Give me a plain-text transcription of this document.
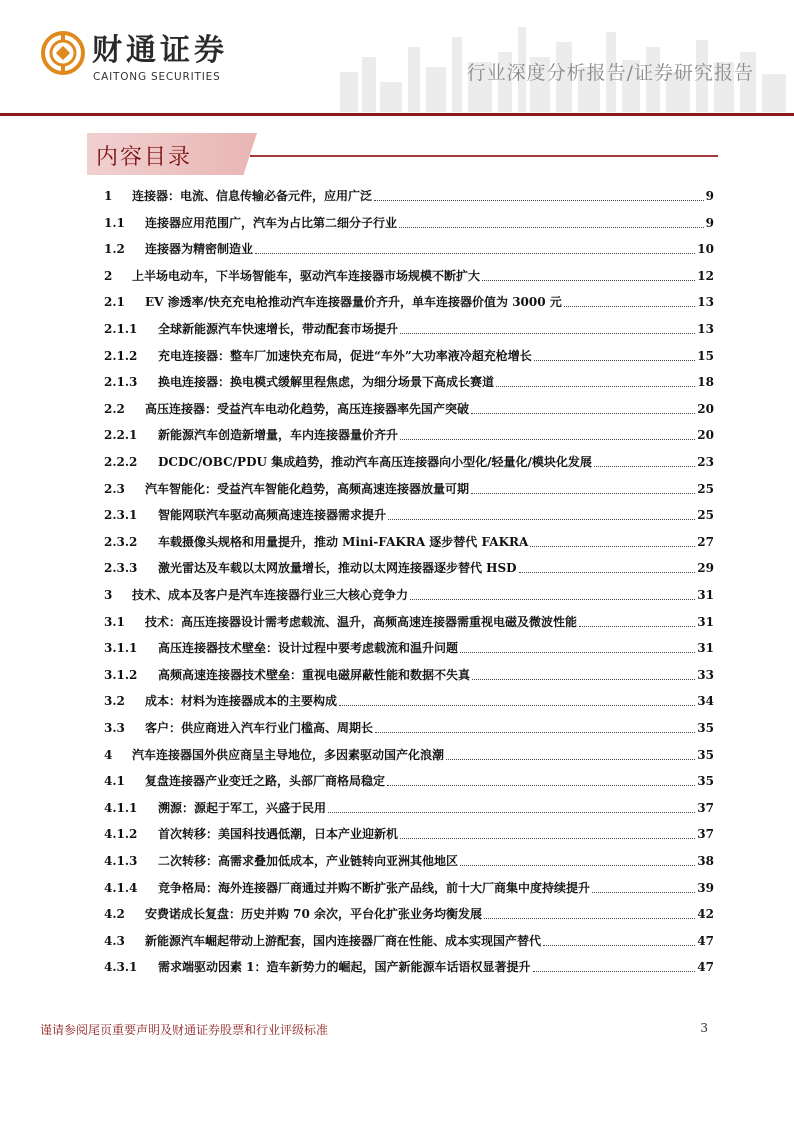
财通证券
CAITONG SECURITIES	行业深度分析报告/证券研究报告
内容目录
1 连接器：电流、信息传输必备元件，应用广泛	9
1.1 连接器应用范围广，汽车为占比第二细分子行业	9
1.2 连接器为精密制造业	10
2 上半场电动车，下半场智能车，驱动汽车连接器市场规模不断扩大	12
2.1 EV 渗透率/快充充电枪推动汽车连接器量价齐升，单车连接器价值为 3000 元	13
2.1.1 全球新能源汽车快速增长，带动配套市场提升	13
2.1.2 充电连接器：整车厂加速快充布局，促进“车外”大功率液冷超充枪增长	15
2.1.3 换电连接器：换电模式缓解里程焦虑，为细分场景下高成长赛道	18
2.2 高压连接器：受益汽车电动化趋势，高压连接器率先国产突破	20
2.2.1 新能源汽车创造新增量，车内连接器量价齐升	20
2.2.2 DCDC/OBC/PDU 集成趋势，推动汽车高压连接器向小型化/轻量化/模块化发展	23
2.3 汽车智能化：受益汽车智能化趋势，高频高速连接器放量可期	25
2.3.1 智能网联汽车驱动高频高速连接器需求提升	25
2.3.2 车载摄像头规格和用量提升，推动 Mini-FAKRA 逐步替代 FAKRA	27
2.3.3 激光雷达及车载以太网放量增长，推动以太网连接器逐步替代 HSD	29
3 技术、成本及客户是汽车连接器行业三大核心竞争力	31
3.1 技术：高压连接器设计需考虑载流、温升，高频高速连接器需重视电磁及微波性能	31
3.1.1 高压连接器技术壁垒：设计过程中要考虑载流和温升问题	31
3.1.2 高频高速连接器技术壁垒：重视电磁屏蔽性能和数据不失真	33
3.2 成本：材料为连接器成本的主要构成	34
3.3 客户：供应商进入汽车行业门槛高、周期长	35
4 汽车连接器国外供应商呈主导地位，多因素驱动国产化浪潮	35
4.1 复盘连接器产业变迁之路，头部厂商格局稳定	35
4.1.1 溯源：源起于军工，兴盛于民用	37
4.1.2 首次转移：美国科技遇低潮，日本产业迎新机	37
4.1.3 二次转移：高需求叠加低成本，产业链转向亚洲其他地区	38
4.1.4 竞争格局：海外连接器厂商通过并购不断扩张产品线，前十大厂商集中度持续提升	39
4.2 安费诺成长复盘：历史并购 70 余次，平台化扩张业务均衡发展	42
4.3 新能源汽车崛起带动上游配套，国内连接器厂商在性能、成本实现国产替代	47
4.3.1 需求端驱动因素 1：造车新势力的崛起，国产新能源车话语权显著提升	47
谨请参阅尾页重要声明及财通证券股票和行业评级标准	3
